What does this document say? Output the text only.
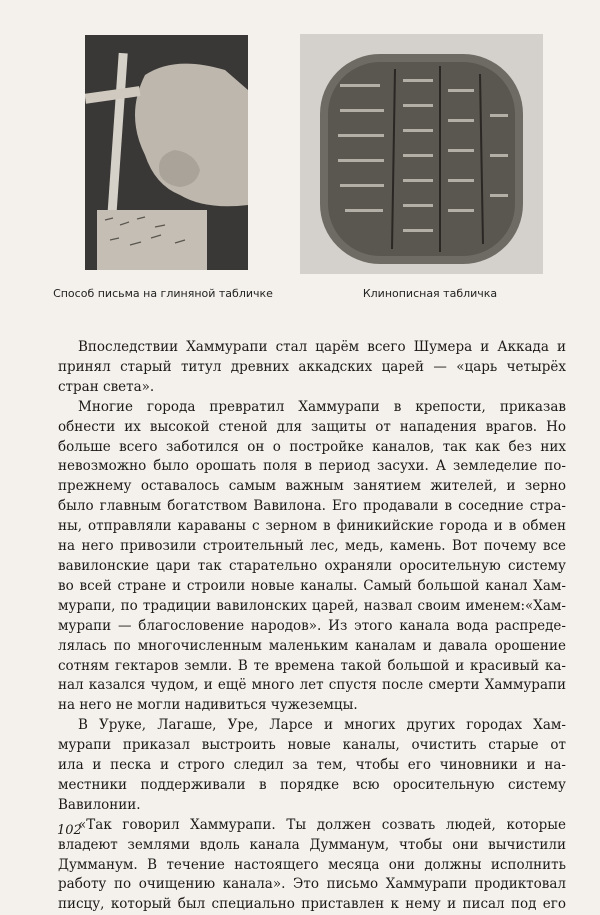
Способ письма на глиняной табличке	Клинописная табличка
Впоследствии Хаммурапи стал царём всего Шумера и Аккада и
принял старый титул древних аккадских царей — «царь четырёх
стран света».
Многие города превратил Хаммурапи в крепости, приказав
обнести их высокой стеной для защиты от нападения врагов. Но
больше всего заботился он о постройке каналов, так как без них
невозможно было орошать поля в период засухи. А земледелие по-
прежнему оставалось самым важным занятием жителей, и зерно
было главным богатством Вавилона. Его продавали в соседние стра-
ны, отправляли караваны с зерном в финикийские города и в обмен
на него привозили строительный лес, медь, камень. Вот почему все
вавилонские цари так старательно охраняли оросительную систему
во всей стране и строили новые каналы. Самый большой канал Хам-
мурапи, по традиции вавилонских царей, назвал своим именем:«Хам-
мурапи — благословение народов». Из этого канала вода распреде-
лялась по многочисленным маленьким каналам и давала орошение
сотням гектаров земли. В те времена такой большой и красивый ка-
нал казался чудом, и ещё много лет спустя после смерти Хаммурапи
на него не могли надивиться чужеземцы.
В Уруке, Лагаше, Уре, Ларсе и многих других городах Хам-
мурапи приказал выстроить новые каналы, очистить старые от
ила и песка и строго следил за тем, чтобы его чиновники и на-
местники поддерживали в порядке всю оросительную систему
Вавилонии.
«Так говорил Хаммурапи. Ты должен созвать людей, которые
владеют землями вдоль канала Думманум, чтобы они вычистили
Думманум. В течение настоящего месяца они должны исполнить
работу по очищению канала». Это письмо Хаммурапи продиктовал
писцу, который был специально приставлен к нему и писал под его
102
